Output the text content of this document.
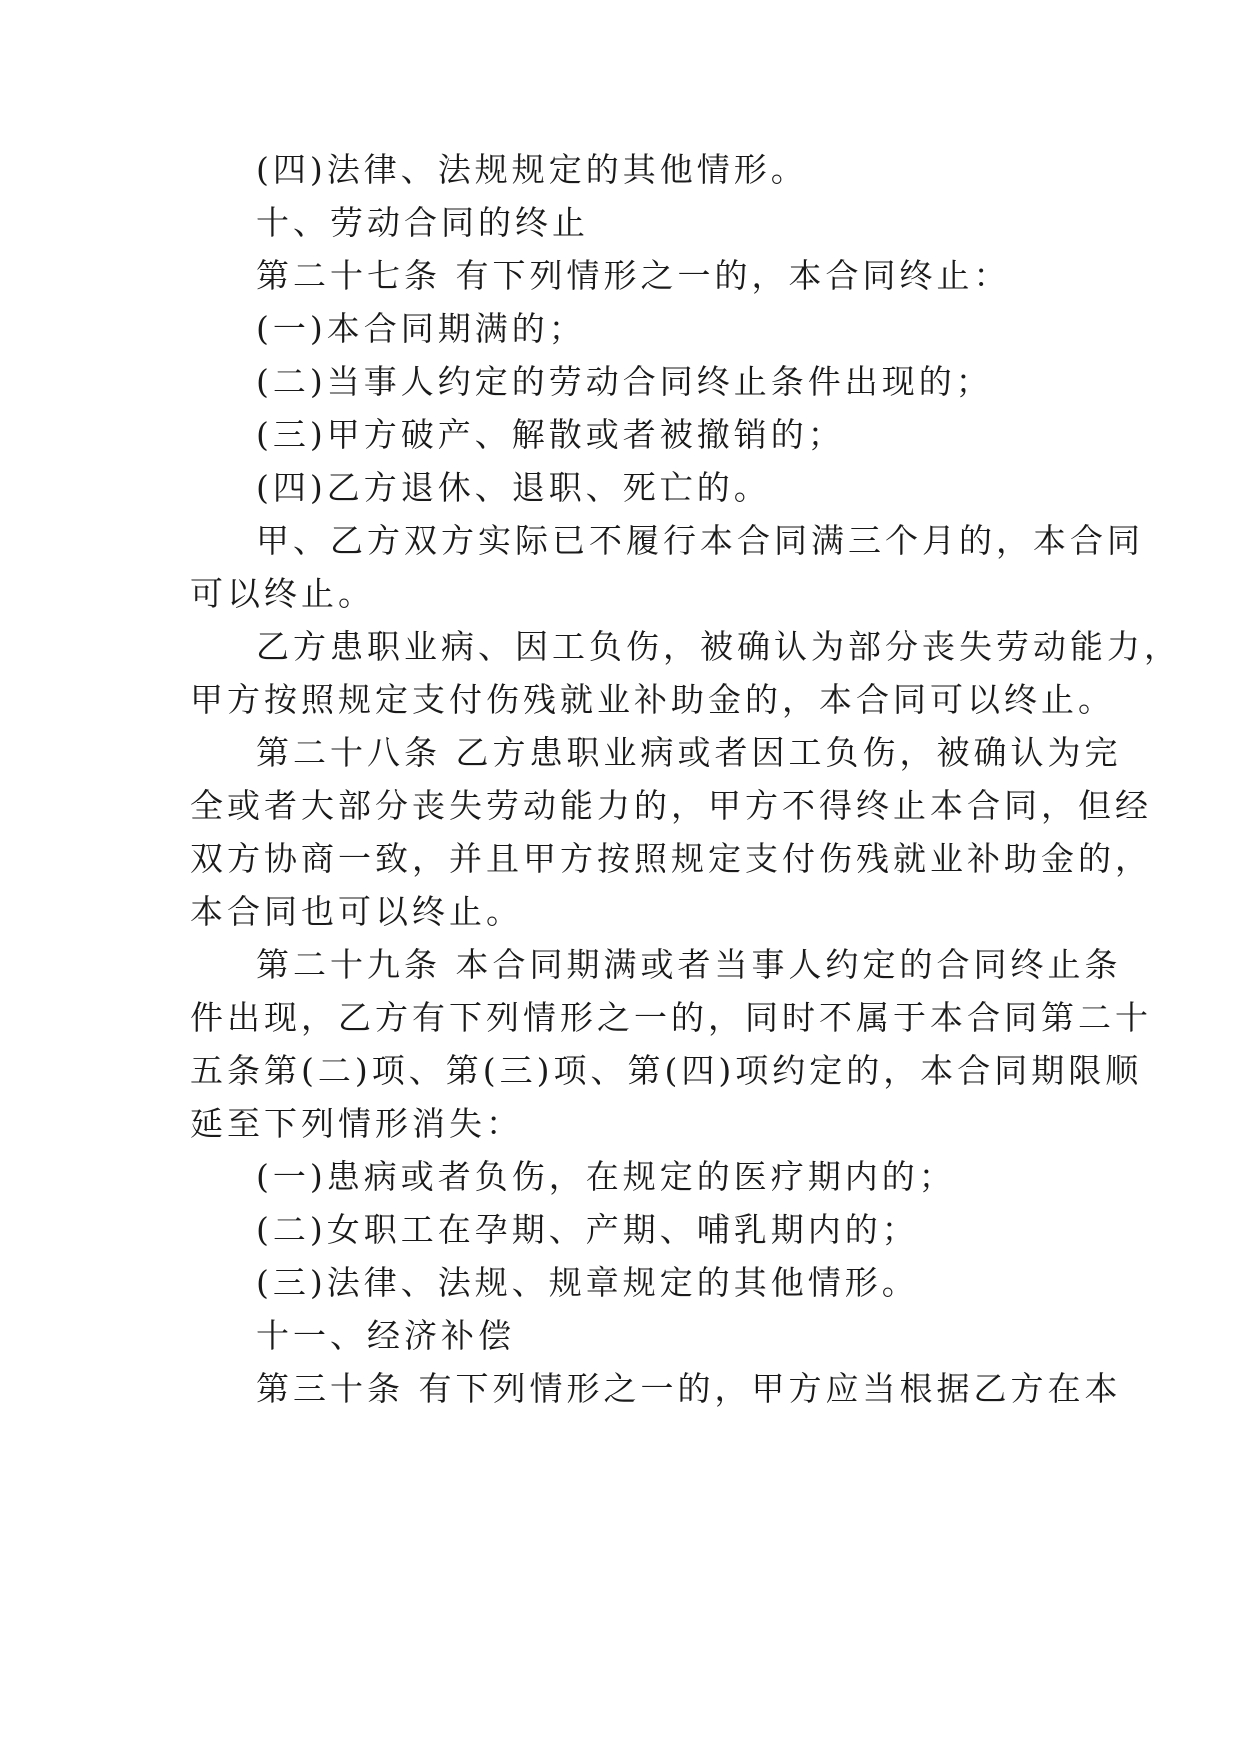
(四)法律、法规规定的其他情形。
十、劳动合同的终止
第二十七条 有下列情形之一的，本合同终止：
(一)本合同期满的；
(二)当事人约定的劳动合同终止条件出现的；
(三)甲方破产、解散或者被撤销的；
(四)乙方退休、退职、死亡的。
甲、乙方双方实际已不履行本合同满三个月的，本合同
可以终止。
乙方患职业病、因工负伤，被确认为部分丧失劳动能力，
甲方按照规定支付伤残就业补助金的，本合同可以终止。
第二十八条 乙方患职业病或者因工负伤，被确认为完
全或者大部分丧失劳动能力的，甲方不得终止本合同，但经
双方协商一致，并且甲方按照规定支付伤残就业补助金的，
本合同也可以终止。
第二十九条 本合同期满或者当事人约定的合同终止条
件出现，乙方有下列情形之一的，同时不属于本合同第二十
五条第(二)项、第(三)项、第(四)项约定的，本合同期限顺
延至下列情形消失：
(一)患病或者负伤，在规定的医疗期内的；
(二)女职工在孕期、产期、哺乳期内的；
(三)法律、法规、规章规定的其他情形。
十一、经济补偿
第三十条 有下列情形之一的，甲方应当根据乙方在本
